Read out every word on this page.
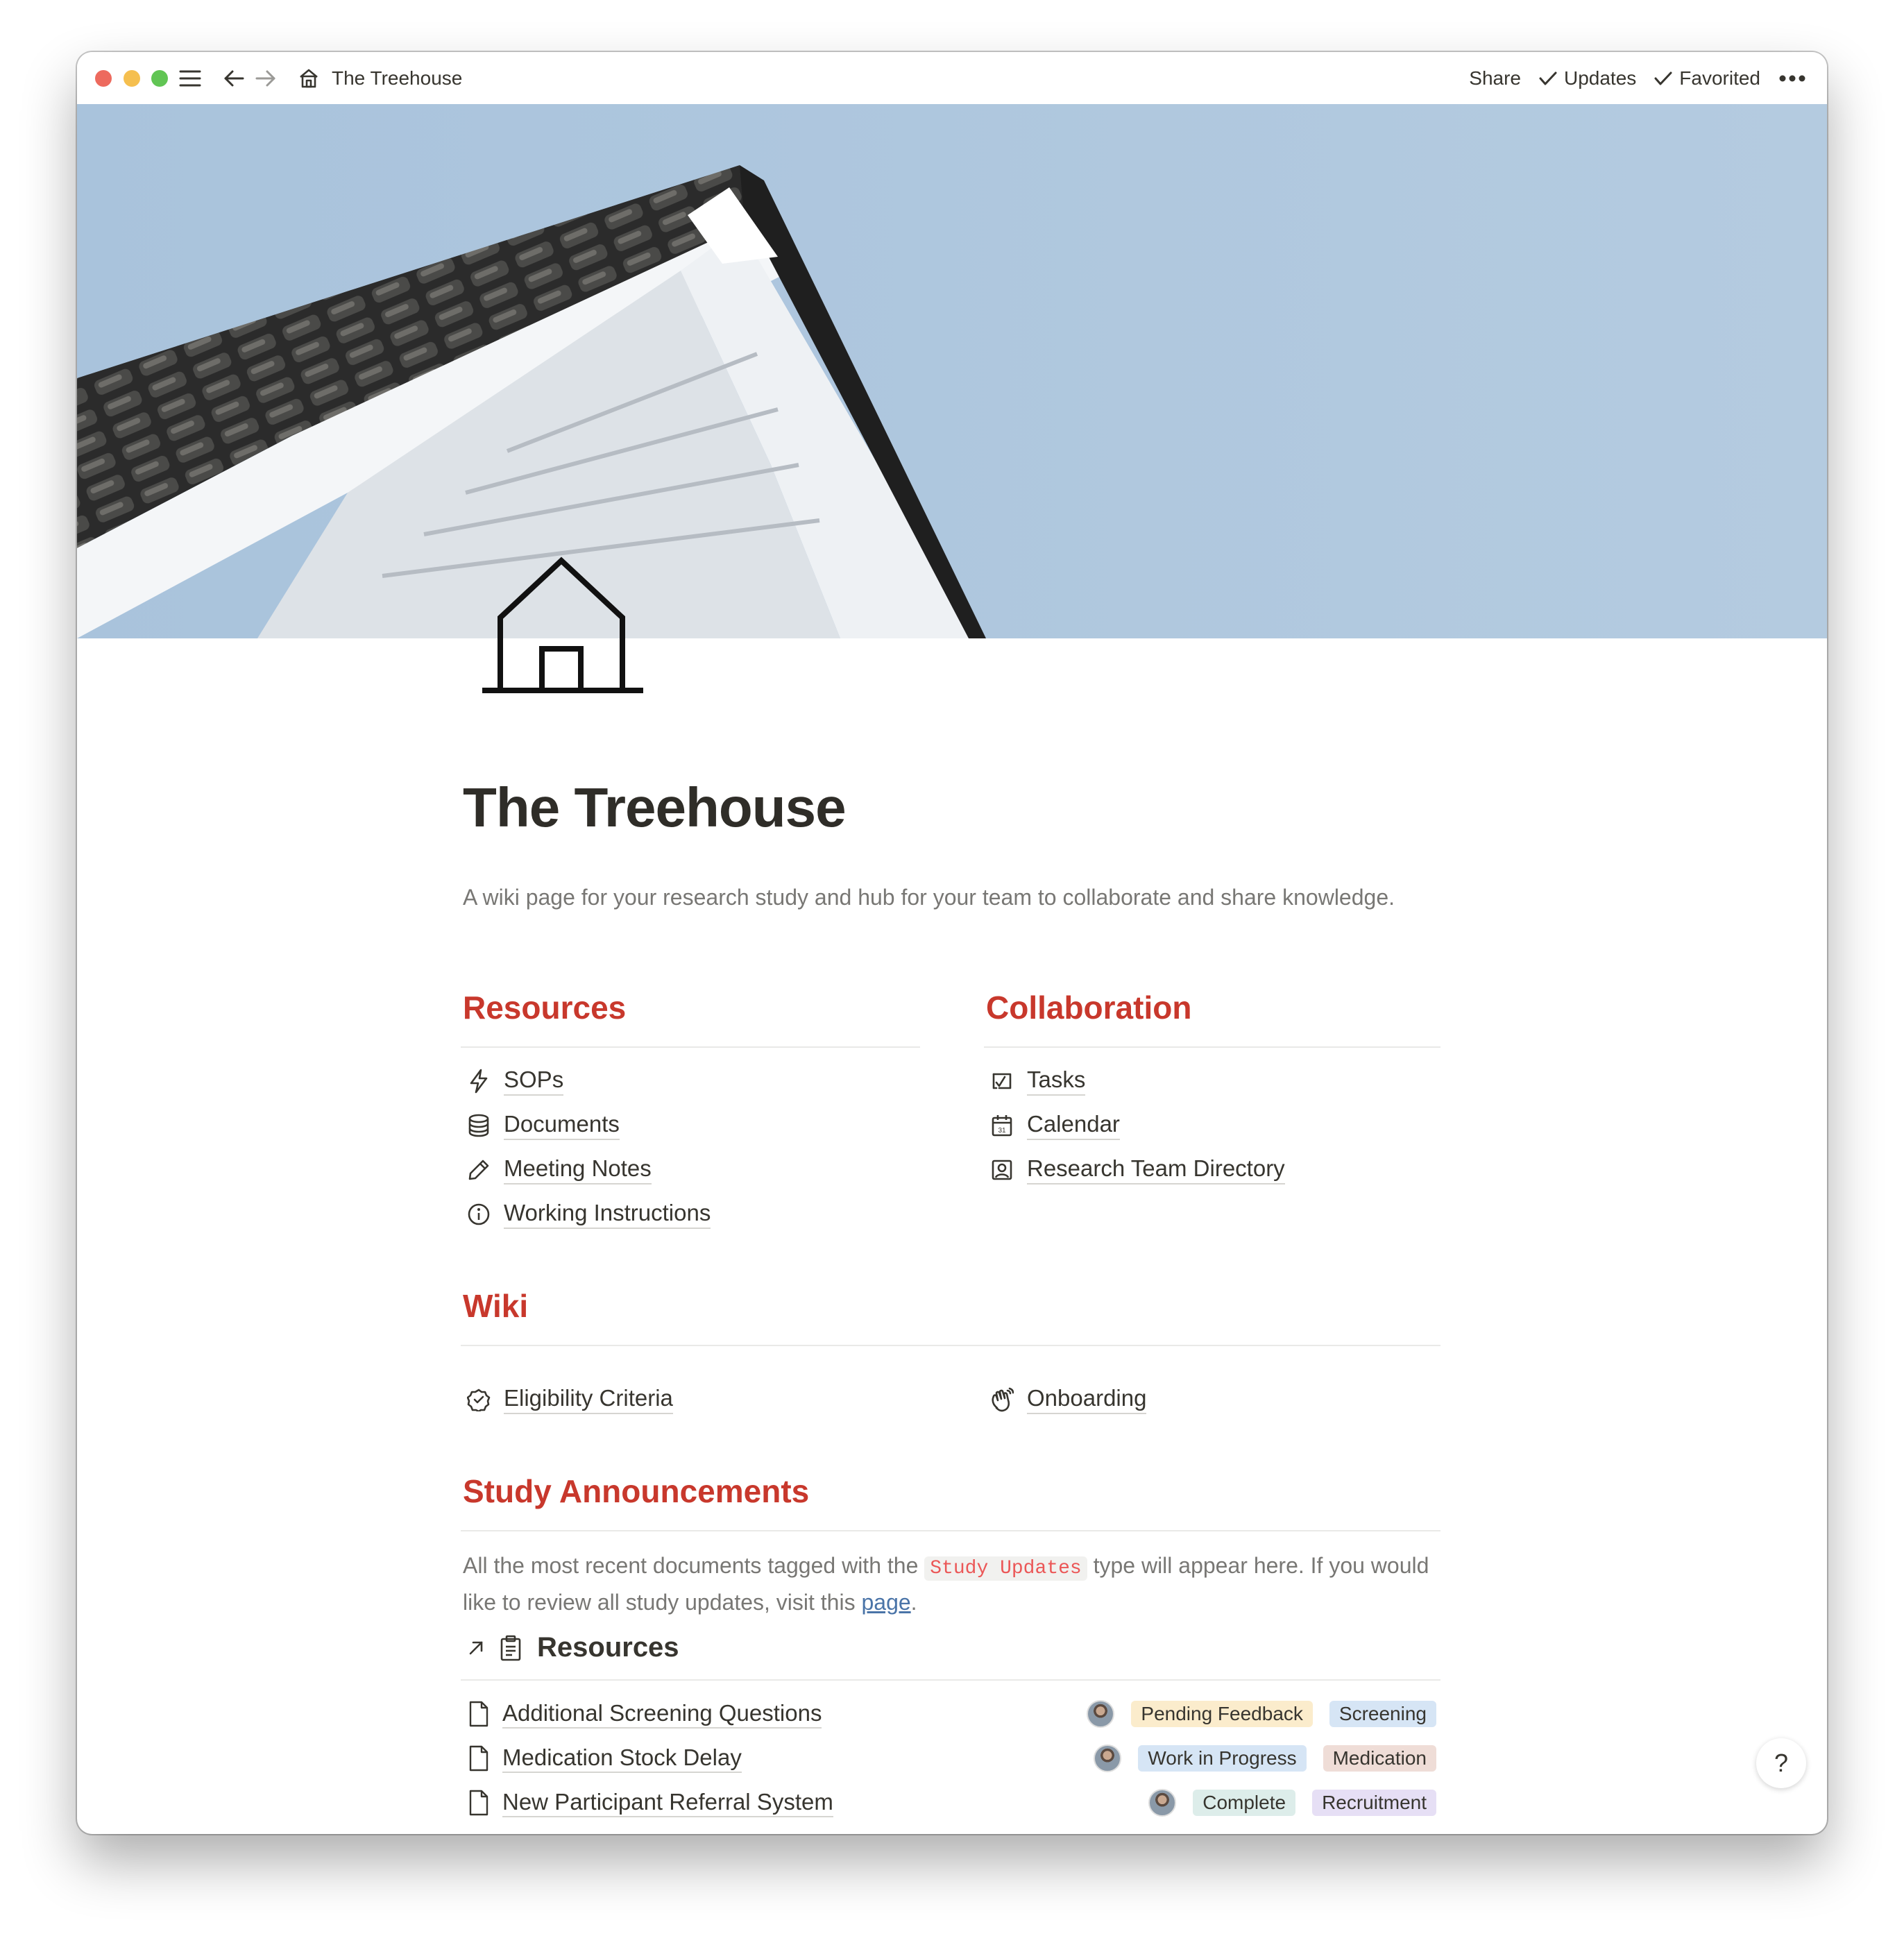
The Treehouse	Share Updates Favorited
The Treehouse
A wiki page for your research study and hub for your team to collaborate and share knowledge.
Resources
SOPs
Documents
Meeting Notes
Working Instructions
Collaboration
Tasks
31 Calendar
Research Team Directory
Wiki
Eligibility Criteria	Onboarding
Study Announcements
All the most recent documents tagged with the Study Updates type will appear here. If you would like to review all study updates, visit this page.
Resources
Additional Screening Questions	Pending Feedback	Screening
Medication Stock Delay	Work in Progress	Medication
New Participant Referral System	Complete	Recruitment
?
